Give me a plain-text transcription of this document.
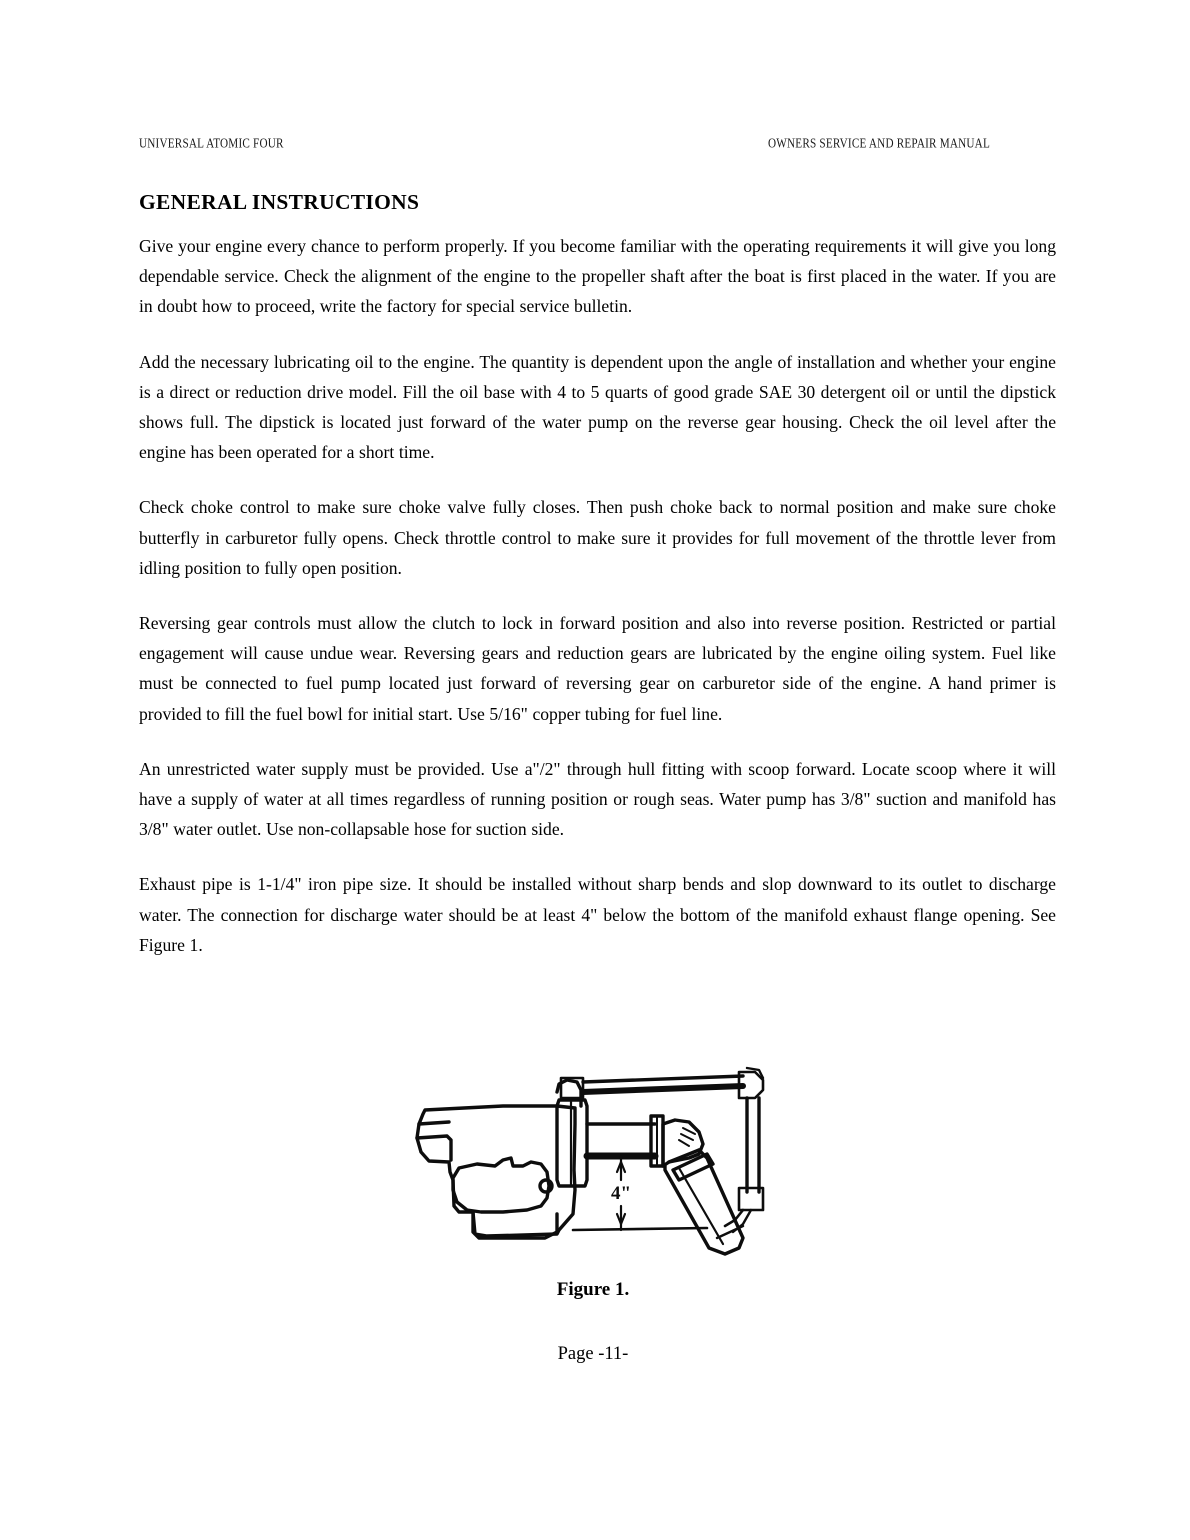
UNIVERSAL ATOMIC FOUR	OWNERS SERVICE AND REPAIR MANUAL
GENERAL INSTRUCTIONS

Give your engine every chance to perform properly. If you become familiar with the operating requirements it will give you long dependable service. Check the alignment of the engine to the propeller shaft after the boat is first placed in the water. If you are in doubt how to proceed, write the factory for special service bulletin.

Add the necessary lubricating oil to the engine. The quantity is dependent upon the angle of installation and whether your engine is a direct or reduction drive model. Fill the oil base with 4 to 5 quarts of good grade SAE 30 detergent oil or until the dipstick shows full. The dipstick is located just forward of the water pump on the reverse gear housing. Check the oil level after the engine has been operated for a short time.

Check choke control to make sure choke valve fully closes. Then push choke back to normal position and make sure choke butterfly in carburetor fully opens. Check throttle control to make sure it provides for full movement of the throttle lever from idling position to fully open position.

Reversing gear controls must allow the clutch to lock in forward position and also into reverse position. Restricted or partial engagement will cause undue wear. Reversing gears and reduction gears are lubricated by the engine oiling system. Fuel like must be connected to fuel pump located just forward of reversing gear on carburetor side of the engine. A hand primer is provided to fill the fuel bowl for initial start. Use 5/16" copper tubing for fuel line.

An unrestricted water supply must be provided. Use a"/2" through hull fitting with scoop forward. Locate scoop where it will have a supply of water at all times regardless of running position or rough seas. Water pump has 3/8" suction and manifold has 3/8" water outlet. Use non-collapsable hose for suction side.

Exhaust pipe is 1-1/4" iron pipe size. It should be installed without sharp bends and slop downward to its outlet to discharge water. The connection for discharge water should be at least 4" below the bottom of the manifold exhaust flange opening. See Figure 1.

4"
Figure 1.
Page -11-
